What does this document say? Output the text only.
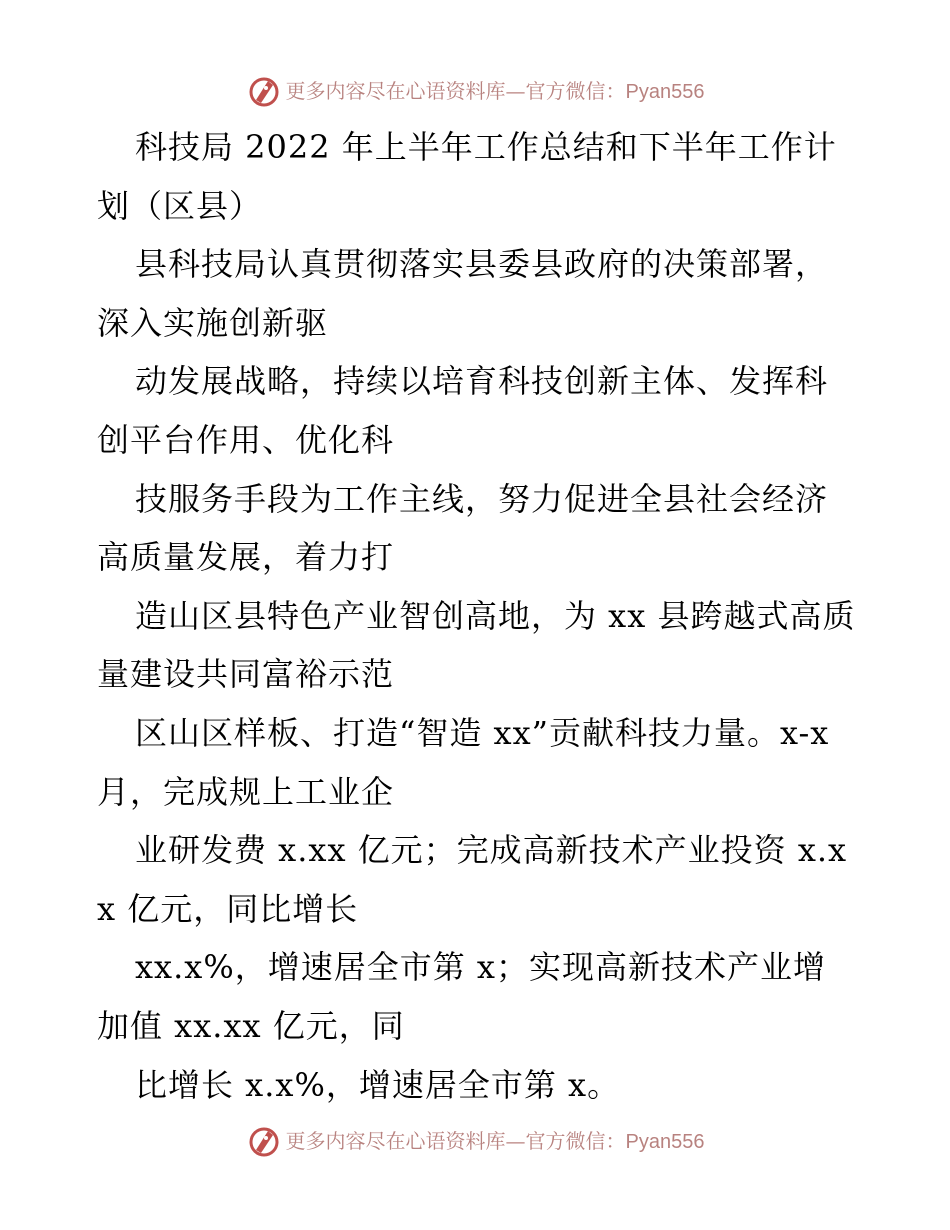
更多内容尽在心语资料库—官方微信：Pyan556

科技局 2022 年上半年工作总结和下半年工作计划（区县）

县科技局认真贯彻落实县委县政府的决策部署，深入实施创新驱

动发展战略，持续以培育科技创新主体、发挥科创平台作用、优化科

技服务手段为工作主线，努力促进全县社会经济高质量发展，着力打

造山区县特色产业智创高地，为 xx 县跨越式高质量建设共同富裕示范

区山区样板、打造“智造 xx”贡献科技力量。x-x 月，完成规上工业企

业研发费 x.xx 亿元；完成高新技术产业投资 x.xx 亿元，同比增长

xx.x%，增速居全市第 x；实现高新技术产业增加值 xx.xx 亿元，同

比增长 x.x%，增速居全市第 x。

更多内容尽在心语资料库—官方微信：Pyan556
